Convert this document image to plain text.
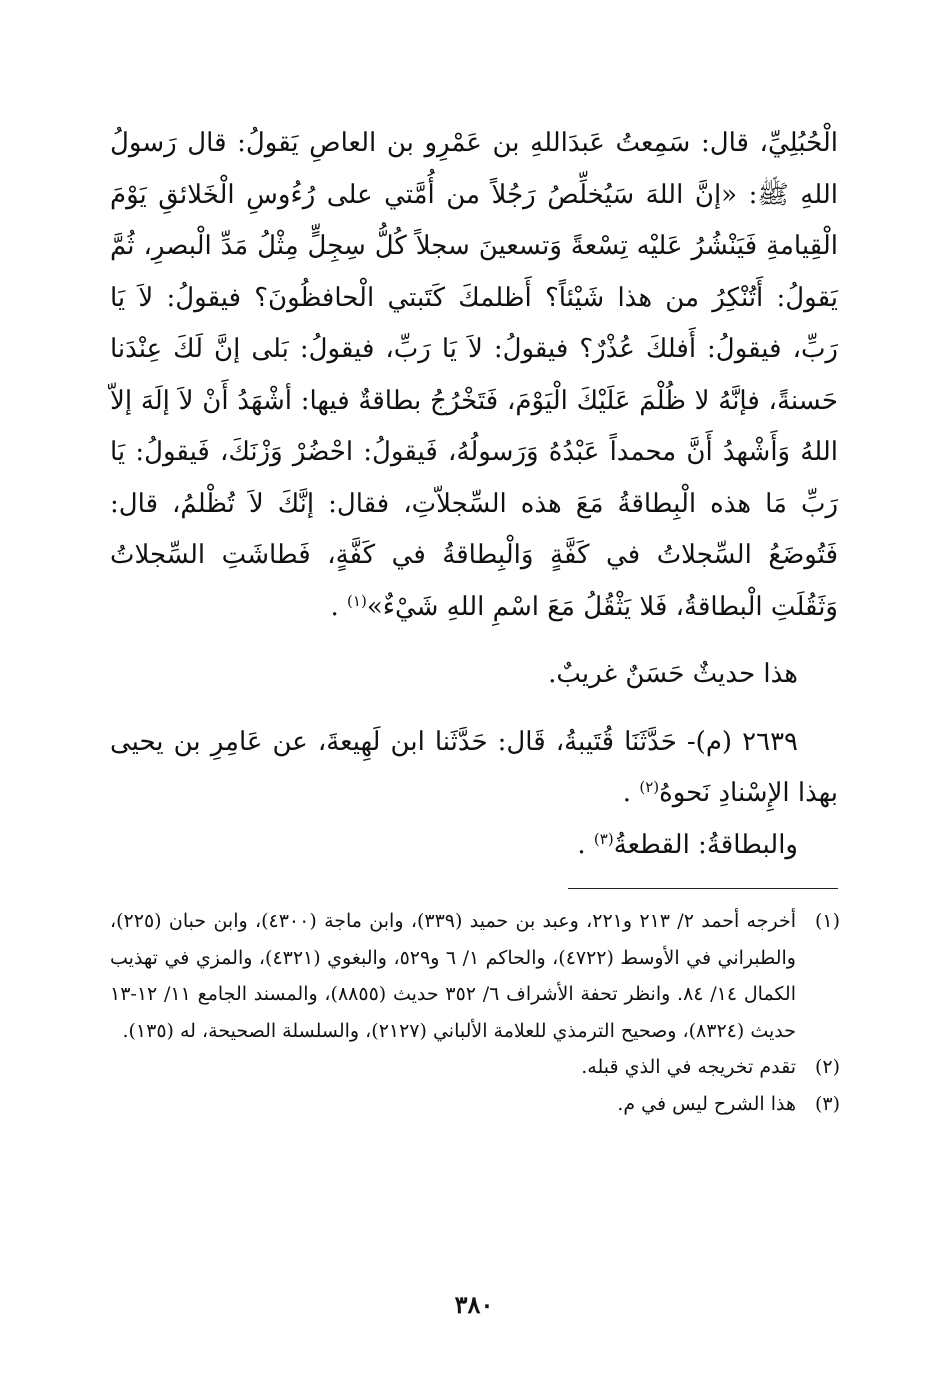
الْحُبُلِيِّ، قال: سَمِعتُ عَبدَاللهِ بن عَمْرِو بن العاصِ يَقولُ: قال رَسولُ اللهِ ﷺ: «إنَّ اللهَ سَيُخلِّصُ رَجُلاً من أُمَّتي على رُءُوسِ الْخَلائقِ يَوْمَ الْقِيامةِ فَيَنْشُرُ عَليْه تِسْعةً وَتسعينَ سجلاً كُلُّ سِجِلٍّ مِثْلُ مَدِّ الْبصرِ، ثُمَّ يَقولُ: أَتُنْكِرُ من هذا شَيْئاً؟ أَظلمكَ كَتَبتي الْحافظُونَ؟ فيقولُ: لاَ يَا رَبِّ، فيقولُ: أَفلكَ عُذْرٌ؟ فيقولُ: لاَ يَا رَبِّ، فيقولُ: بَلى إنَّ لَكَ عِنْدَنا حَسنةً، فإنَّهُ لا ظُلْمَ عَلَيْكَ الْيَوْمَ، فَتَخْرُجُ بطاقةٌ فيها: أشْهَدُ أَنْ لاَ إلَهَ إلاّ اللهُ وَأَشْهدُ أَنَّ محمداً عَبْدُهُ وَرَسولُهُ، فَيقولُ: احْضُرْ وَزْنَكَ، فَيقولُ: يَا رَبِّ مَا هذه الْبِطاقةُ مَعَ هذه السِّجلاّتِ، فقال: إنَّكَ لاَ تُظْلمُ، قال: فَتُوضَعُ السِّجلاتُ في كَفَّةٍ وَالْبِطاقةُ في كَفَّةٍ، فَطاشَتِ السِّجلاتُ وَثَقُلَتِ الْبطاقةُ، فَلا يَثْقُلُ مَعَ اسْمِ اللهِ شَيْءٌ»$^{(١)}$ .

هذا حديثٌ حَسَنٌ غريبٌ.

٢٦٣٩ (م)- حَدَّثَنَا قُتَيبةُ، قَال: حَدَّثَنا ابن لَهِيعةَ، عن عَامِرِ بن يحيى بهذا الإِسْنادِ نَحوهُ$^{(٢)}$ .

والبطاقةُ: القطعةُ$^{(٣)}$ .

(١)
أخرجه أحمد ٢/ ٢١٣ و٢٢١، وعبد بن حميد (٣٣٩)، وابن ماجة (٤٣٠٠)، وابن حبان (٢٢٥)، والطبراني في الأوسط (٤٧٢٢)، والحاكم ١/ ٦ و٥٢٩، والبغوي (٤٣٢١)، والمزي في تهذيب الكمال ١٤/ ٨٤. وانظر تحفة الأشراف ٦/ ٣٥٢ حديث (٨٨٥٥)، والمسند الجامع ١١/ ١٢-١٣ حديث (٨٣٢٤)، وصحيح الترمذي للعلامة الألباني (٢١٢٧)، والسلسلة الصحيحة، له (١٣٥).
(٢)
تقدم تخريجه في الذي قبله.
(٣)
هذا الشرح ليس في م.
٣٨٠
